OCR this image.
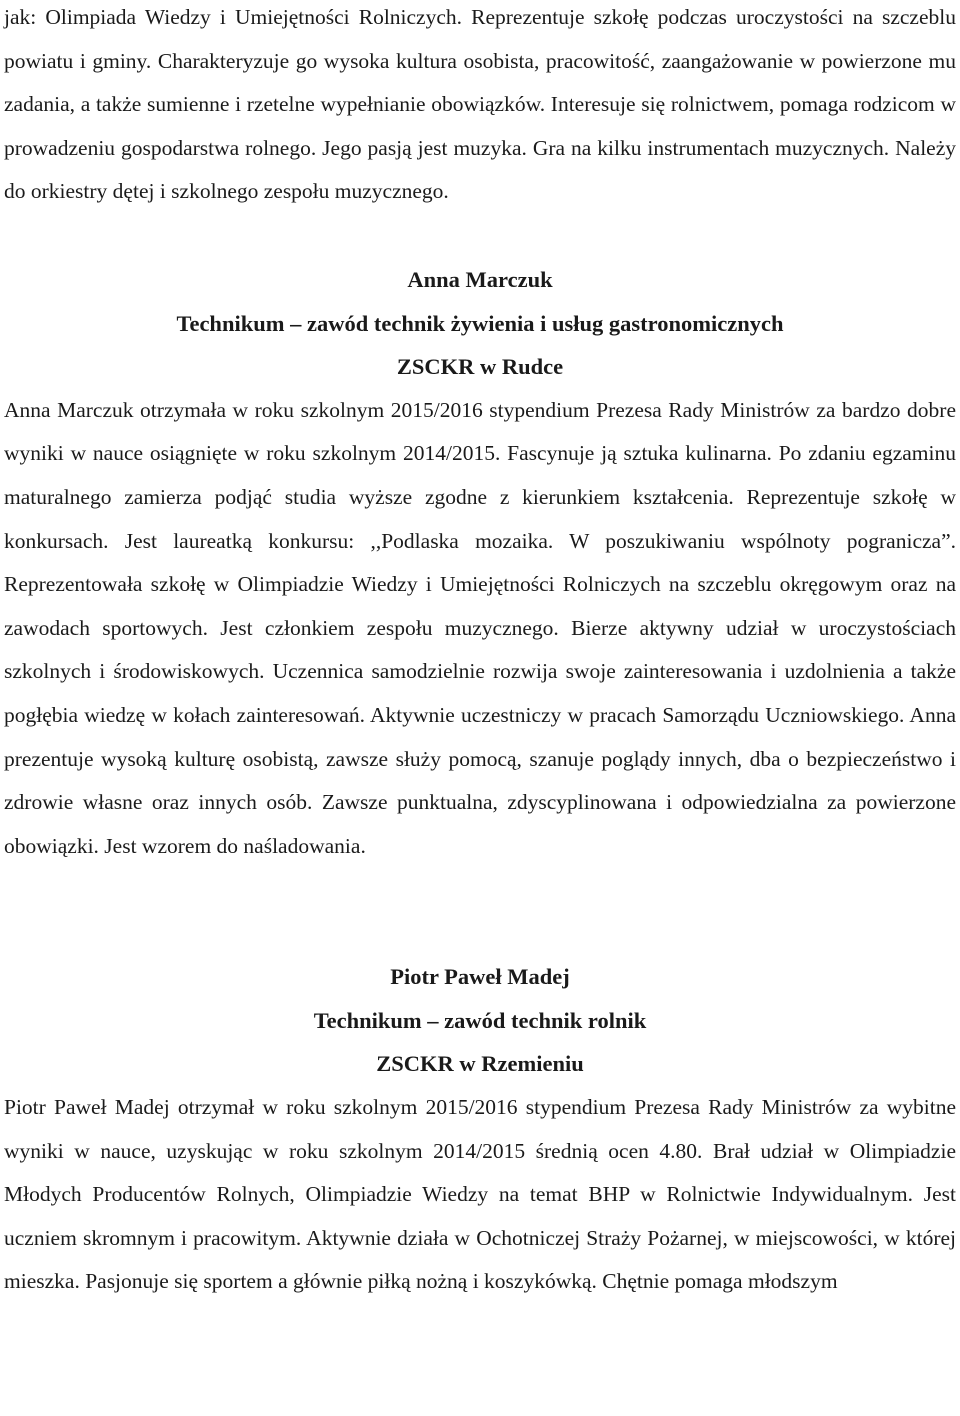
jak: Olimpiada Wiedzy i Umiejętności Rolniczych. Reprezentuje szkołę podczas uroczystości na szczeblu powiatu i gminy. Charakteryzuje go wysoka kultura osobista, pracowitość, zaangażowanie w powierzone mu zadania, a także sumienne i rzetelne wypełnianie obowiązków. Interesuje się rolnictwem, pomaga rodzicom w prowadzeniu gospodarstwa rolnego. Jego pasją jest muzyka. Gra na kilku instrumentach muzycznych. Należy do orkiestry dętej i szkolnego zespołu muzycznego.

Anna Marczuk
Technikum – zawód technik żywienia i usług gastronomicznych
ZSCKR w Rudce

Anna Marczuk otrzymała w roku szkolnym 2015/2016 stypendium Prezesa Rady Ministrów za bardzo dobre wyniki w nauce osiągnięte w roku szkolnym 2014/2015. Fascynuje ją sztuka kulinarna. Po zdaniu egzaminu maturalnego zamierza podjąć studia wyższe zgodne z kierunkiem kształcenia. Reprezentuje szkołę w konkursach. Jest laureatką konkursu: ,,Podlaska mozaika. W poszukiwaniu wspólnoty pogranicza”. Reprezentowała szkołę w Olimpiadzie Wiedzy i Umiejętności Rolniczych na szczeblu okręgowym oraz na zawodach sportowych. Jest członkiem zespołu muzycznego. Bierze aktywny udział w uroczystościach szkolnych i środowiskowych. Uczennica samodzielnie rozwija swoje zainteresowania i uzdolnienia a także pogłębia wiedzę w kołach zainteresowań. Aktywnie uczestniczy w pracach Samorządu Uczniowskiego. Anna prezentuje wysoką kulturę osobistą, zawsze służy pomocą, szanuje poglądy innych, dba o bezpieczeństwo i zdrowie własne oraz innych osób. Zawsze punktualna, zdyscyplinowana i odpowiedzialna za powierzone obowiązki. Jest wzorem do naśladowania.

Piotr Paweł Madej
Technikum – zawód technik rolnik
ZSCKR w Rzemieniu

Piotr Paweł Madej otrzymał w roku szkolnym 2015/2016 stypendium Prezesa Rady Ministrów za wybitne wyniki w nauce, uzyskując w roku szkolnym 2014/2015 średnią ocen 4.80. Brał udział w Olimpiadzie Młodych Producentów Rolnych, Olimpiadzie Wiedzy na temat BHP w Rolnictwie Indywidualnym. Jest uczniem skromnym i pracowitym. Aktywnie działa w Ochotniczej Straży Pożarnej, w miejscowości, w której mieszka. Pasjonuje się sportem a głównie piłką nożną i koszykówką. Chętnie pomaga młodszym
